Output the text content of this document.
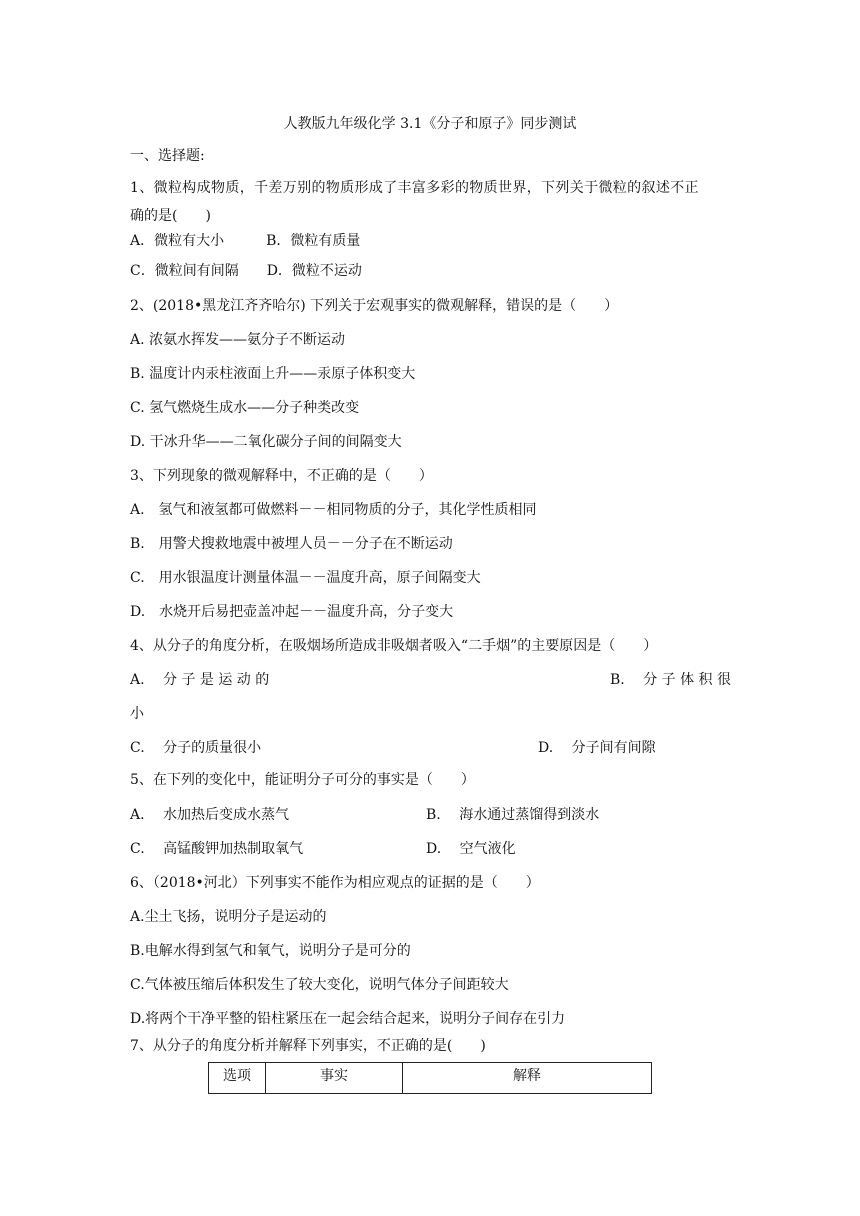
人教版九年级化学 3.1《分子和原子》同步测试
一、选择题:
1、微粒构成物质，千差万别的物质形成了丰富多彩的物质世界，下列关于微粒的叙述不正
确的是(　　)
A．微粒有大小　　　B．微粒有质量
C．微粒间有间隔　　D．微粒不运动
2、(2018•黑龙江齐齐哈尔) 下列关于宏观事实的微观解释，错误的是（　　）
A. 浓氨水挥发——氨分子不断运动
B. 温度计内汞柱液面上升——汞原子体积变大
C. 氢气燃烧生成水——分子种类改变
D. 干冰升华——二氧化碳分子间的间隔变大
3、下列现象的微观解释中，不正确的是（　　）
A.　氢气和液氢都可做燃料－－相同物质的分子，其化学性质相同
B.　用警犬搜救地震中被埋人员－－分子在不断运动
C.　用水银温度计测量体温－－温度升高，原子间隔变大
D.　水烧开后易把壶盖冲起－－温度升高，分子变大
4、从分子的角度分析，在吸烟场所造成非吸烟者吸入“二手烟”的主要原因是（　　）
A.　 分 子 是 运 动 的	B.　 分 子 体 积 很
小
C.　 分子的质量很小	D.　 分子间有间隙
5、在下列的变化中，能证明分子可分的事实是（　　）
A.　 水加热后变成水蒸气	B.　 海水通过蒸馏得到淡水
C.　 高锰酸钾加热制取氧气	D.　 空气液化
6、（2018•河北）下列事实不能作为相应观点的证据的是（　　）
A.尘土飞扬，说明分子是运动的
B.电解水得到氢气和氧气，说明分子是可分的
C.气体被压缩后体积发生了较大变化，说明气体分子间距较大
D.将两个干净平整的铅柱紧压在一起会结合起来，说明分子间存在引力
7、从分子的角度分析并解释下列事实，不正确的是(　　)
选项	事实	解释
